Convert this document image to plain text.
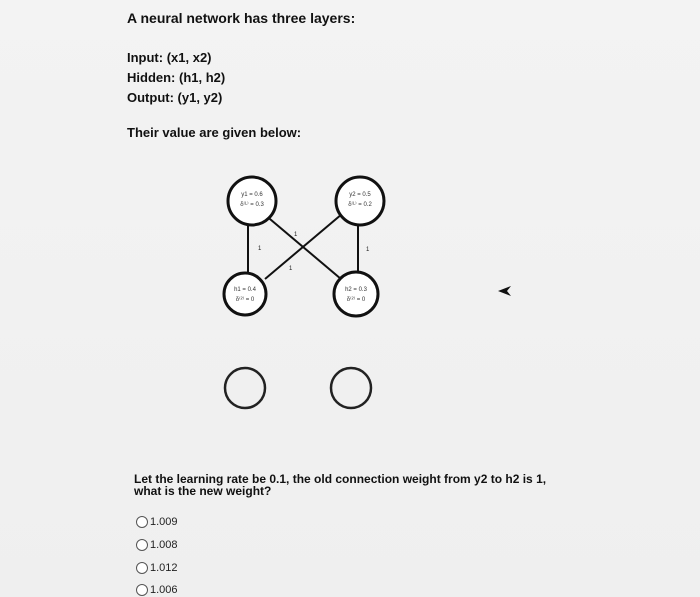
A neural network has three layers:
Input: (x1, x2)
Hidden: (h1, h2)
Output: (y1, y2)
Their value are given below:
1
1
1
1
y1 = 0.6
δ⁽ᴸ⁾ = 0.3
y2 = 0.5
δ⁽ᴸ⁾ = 0.2
h1 = 0.4
δ⁽²⁾ = 0
h2 = 0.3
δ⁽²⁾ = 0
Let the learning rate be 0.1, the old connection weight from y2 to h2 is 1, what is the new weight?
1.009
1.008
1.012
1.006
